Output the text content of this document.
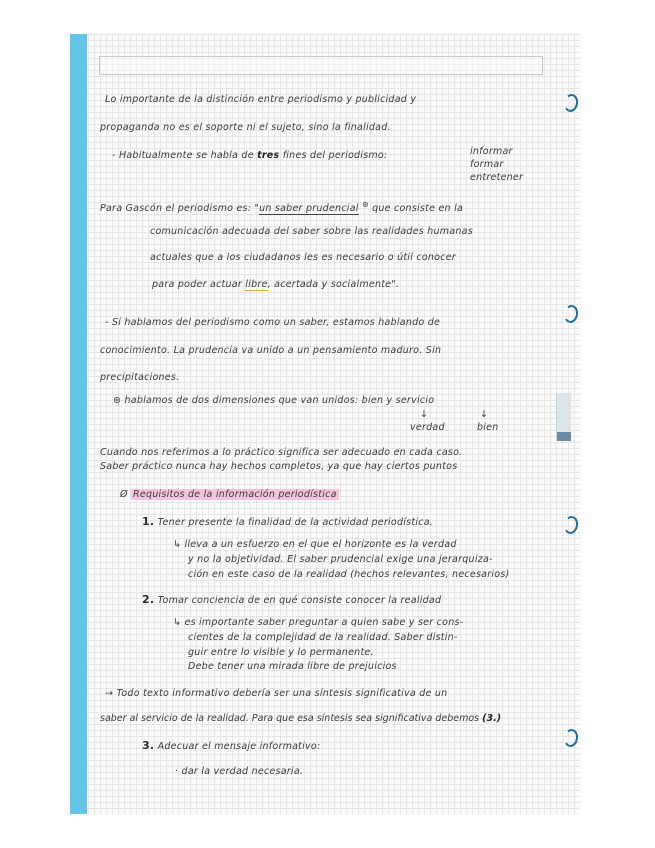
Lo importante de la distinción entre periodismo y publicidad y

propaganda no es el soporte ni el sujeto, sino la finalidad.

- Habitualmente se habla de tres fines del periodismo:	informar

formar

entretener

Para Gascón el periodismo es: "un saber prudencial ⊛ que consiste en la

comunicación adecuada del saber sobre las realidades humanas

actuales que a los ciudadanos les es necesario o útil conocer

para poder actuar libre, acertada y socialmente".

- Si hablamos del periodismo como un saber, estamos hablando de

conocimiento. La prudencia va unido a un pensamiento maduro. Sin

precipitaciones.

⊛ hablamos de dos dimensiones que van unidos: bien y servicio

↓	↓

verdad	bien

Cuando nos referimos a lo práctico significa ser adecuado en cada caso.

Saber práctico nunca hay hechos completos, ya que hay ciertos puntos

Ø Requisitos de la información periodística

1. Tener presente la finalidad de la actividad periodística.

↳ lleva a un esfuerzo en el que el horizonte es la verdad

y no la objetividad. El saber prudencial exige una jerarquiza-

ción en este caso de la realidad (hechos relevantes, necesarios)

2. Tomar conciencia de en qué consiste conocer la realidad

↳ es importante saber preguntar a quien sabe y ser cons-

cientes de la complejidad de la realidad. Saber distin-

guir entre lo visible y lo permanente.

Debe tener una mirada libre de prejuicios

→ Todo texto informativo debería ser una síntesis significativa de un

saber al servicio de la realidad. Para que esa síntesis sea significativa debemos (3.)

3. Adecuar el mensaje informativo:

· dar la verdad necesaria.
